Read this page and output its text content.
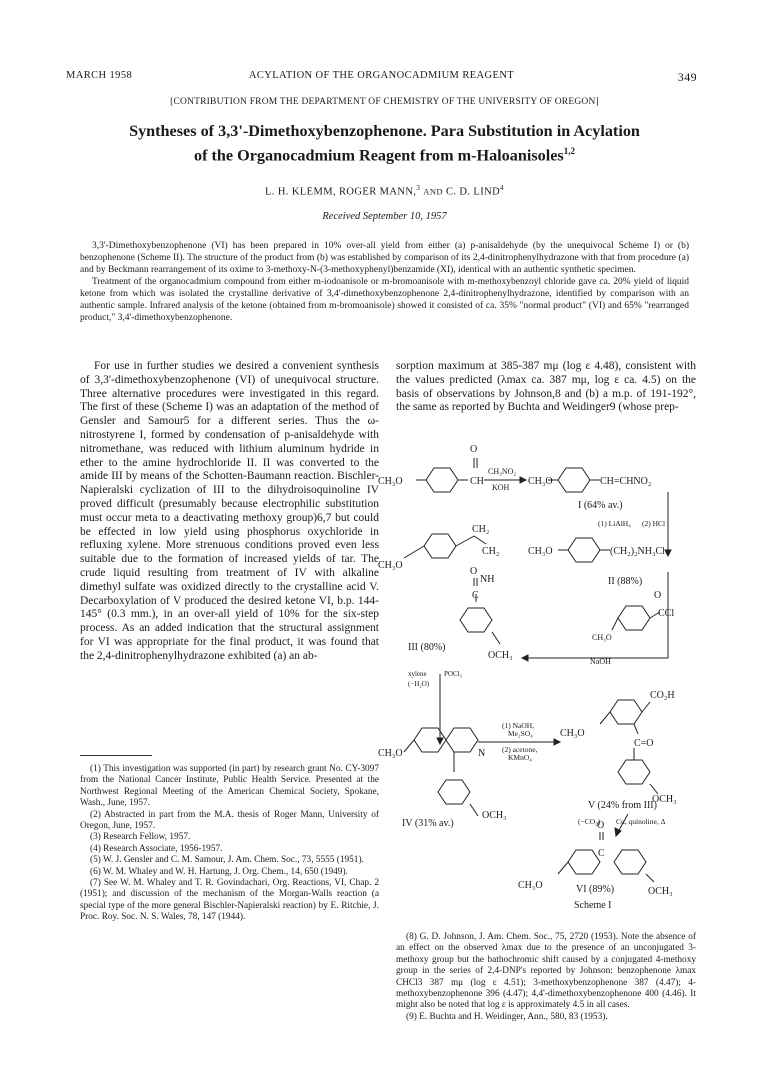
MARCH 1958	ACYLATION OF THE ORGANOCADMIUM REAGENT	349
[CONTRIBUTION FROM THE DEPARTMENT OF CHEMISTRY OF THE UNIVERSITY OF OREGON]
Syntheses of 3,3'-Dimethoxybenzophenone. Para Substitution in Acylation
of the Organocadmium Reagent from m-Haloanisoles$^{1,2}$
L. H. KLEMM, ROGER MANN,$^3$ AND C. D. LIND$^4$
Received September 10, 1957

3,3'-Dimethoxybenzophenone (VI) has been prepared in 10% over-all yield from either (a) p-anisaldehyde (by the unequivocal Scheme I) or (b) benzophenone (Scheme II). The structure of the product from (b) was established by comparison of its 2,4-dinitrophenylhydrazone with that from procedure (a) and by Beckmann rearrangement of its oxime to 3-methoxy-N-(3-methoxyphenyl)benzamide (XI), identical with an authentic synthetic specimen.

Treatment of the organocadmium compound from either m-iodoanisole or m-bromoanisole with m-methoxybenzoyl chloride gave ca. 20% yield of liquid ketone from which was isolated the crystalline derivative of 3,4'-dimethoxybenzophenone 2,4-dinitrophenylhydrazone, identified by comparison with an authentic sample. Infrared analysis of the ketone (obtained from m-bromoanisole) showed it consisted of ca. 35% "normal product" (VI) and 65% "rearranged product," 3,4'-dimethoxybenzophenone.

For use in further studies we desired a convenient synthesis of 3,3'-dimethoxybenzophenone (VI) of unequivocal structure. Three alternative procedures were investigated in this regard. The first of these (Scheme I) was an adaptation of the method of Gensler and Samour5 for a different series. Thus the ω-nitrostyrene I, formed by condensation of p-anisaldehyde with nitromethane, was reduced with lithium aluminum hydride in ether to the amine hydrochloride II. II was converted to the amide III by means of the Schotten-Baumann reaction. Bischler-Napieralski cyclization of III to the dihydroisoquinoline IV proved difficult (presumably because electrophilic substitution must occur meta to a deactivating methoxy group)6,7 but could be effected in low yield using phosphorus oxychloride in refluxing xylene. More strenuous conditions proved even less suitable due to the formation of increased yields of tar. The crude liquid resulting from treatment of IV with alkaline dimethyl sulfate was oxidized directly to the crystalline acid V. Decarboxylation of V produced the desired ketone VI, b.p. 144-145° (0.3 mm.), in an over-all yield of 10% for the six-step process. As an added indication that the structural assignment for VI was appropriate for the final product, it was found that the 2,4-dinitrophenylhydrazone exhibited (a) an ab-

sorption maximum at 385-387 mμ (log ε 4.48), consistent with the values predicted (λmax ca. 387 mμ, log ε ca. 4.5) on the basis of observations by Johnson,8 and (b) a m.p. of 191-192°, the same as reported by Buchta and Weidinger9 (whose prep-

O
CH₃O	CH
CH₃NO₂
KOH
CH₃O	CH=CHNO₂
I (64% av.)
(1) LiAlH₄ (2) HCl
CH₂
CH₂
CH₃O
O
NH
C
OCH₃
III (80%)
CH₃O	(CH₂)₂NH₃Cl
II (88%)
O
CCl
CH₃O
NaOH
xylene POCl₃
(−H₂O)
CH₃O	N
OCH₃
IV (31% av.)
(1) NaOH,
Me₂SO₄
(2) acetone,
KMnO₄
CO₂H
CH₃O
C=O
OCH₃
V (24% from III)
(−CO₂) Cu, quinoline, Δ
O
C
CH₃O
OCH₃
VI (89%)
Scheme I

(1) This investigation was supported (in part) by research grant No. CY-3097 from the National Cancer Institute, Public Health Service. Presented at the Northwest Regional Meeting of the American Chemical Society, Spokane, Wash., June, 1957.

(2) Abstracted in part from the M.A. thesis of Roger Mann, University of Oregon, June, 1957.

(3) Research Fellow, 1957.

(4) Research Associate, 1956-1957.

(5) W. J. Gensler and C. M. Samour, J. Am. Chem. Soc., 73, 5555 (1951).

(6) W. M. Whaley and W. H. Hartung, J. Org. Chem., 14, 650 (1949).

(7) See W. M. Whaley and T. R. Govindachari, Org. Reactions, VI, Chap. 2 (1951); and discussion of the mechanism of the Morgan-Walls reaction (a special type of the more general Bischler-Napieralski reaction) by E. Ritchie, J. Proc. Roy. Soc. N. S. Wales, 78, 147 (1944).

(8) G. D. Johnson, J. Am. Chem. Soc., 75, 2720 (1953). Note the absence of an effect on the observed λmax due to the presence of an unconjugated 3-methoxy group but the bathochromic shift caused by a conjugated 4-methoxy group in the series of 2,4-DNP's reported by Johnson: benzophenone λmax CHCl3 387 mμ (log ε 4.51); 3-methoxybenzophenone 387 (4.47); 4-methoxybenzophenone 396 (4.47); 4,4'-dimethoxybenzophenone 400 (4.46). It might also be noted that log ε is approximately 4.5 in all cases.

(9) E. Buchta and H. Weidinger, Ann., 580, 83 (1953).
